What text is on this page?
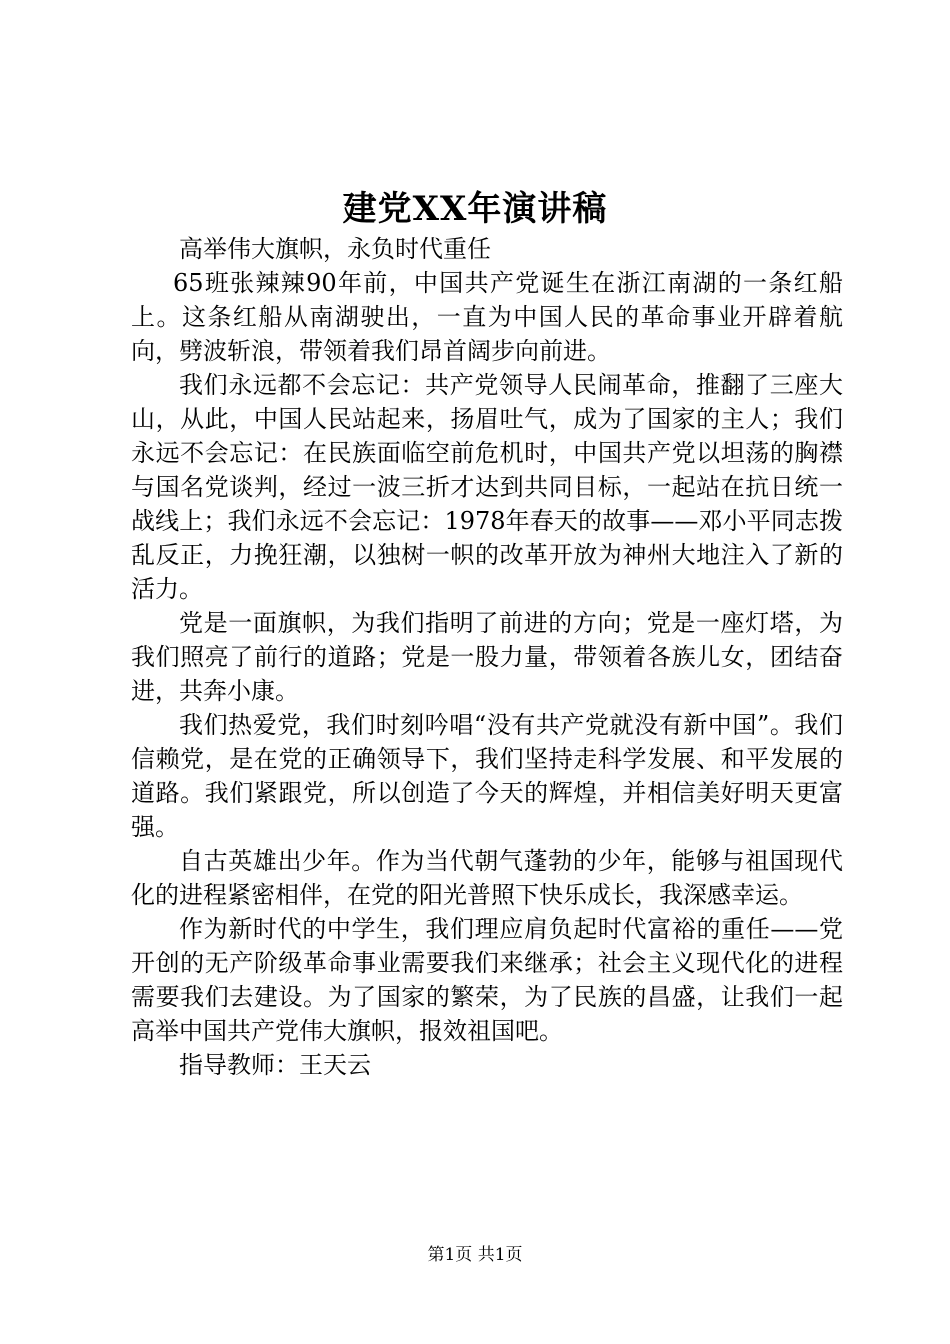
建党XX年演讲稿

高举伟大旗帜，永负时代重任

65班张辣辣90年前，中国共产党诞生在浙江南湖的一条红船上。这条红船从南湖驶出，一直为中国人民的革命事业开辟着航向，劈波斩浪，带领着我们昂首阔步向前进。

我们永远都不会忘记：共产党领导人民闹革命，推翻了三座大山，从此，中国人民站起来，扬眉吐气，成为了国家的主人；我们永远不会忘记：在民族面临空前危机时，中国共产党以坦荡的胸襟与国名党谈判，经过一波三折才达到共同目标，一起站在抗日统一战线上；我们永远不会忘记：1978年春天的故事——邓小平同志拨乱反正，力挽狂潮，以独树一帜的改革开放为神州大地注入了新的活力。

党是一面旗帜，为我们指明了前进的方向；党是一座灯塔，为我们照亮了前行的道路；党是一股力量，带领着各族儿女，团结奋进，共奔小康。

我们热爱党，我们时刻吟唱“没有共产党就没有新中国”。我们信赖党，是在党的正确领导下，我们坚持走科学发展、和平发展的道路。我们紧跟党，所以创造了今天的辉煌，并相信美好明天更富强。

自古英雄出少年。作为当代朝气蓬勃的少年，能够与祖国现代化的进程紧密相伴，在党的阳光普照下快乐成长，我深感幸运。

作为新时代的中学生，我们理应肩负起时代富裕的重任——党开创的无产阶级革命事业需要我们来继承；社会主义现代化的进程需要我们去建设。为了国家的繁荣，为了民族的昌盛，让我们一起高举中国共产党伟大旗帜，报效祖国吧。

指导教师：王天云

第1页 共1页
